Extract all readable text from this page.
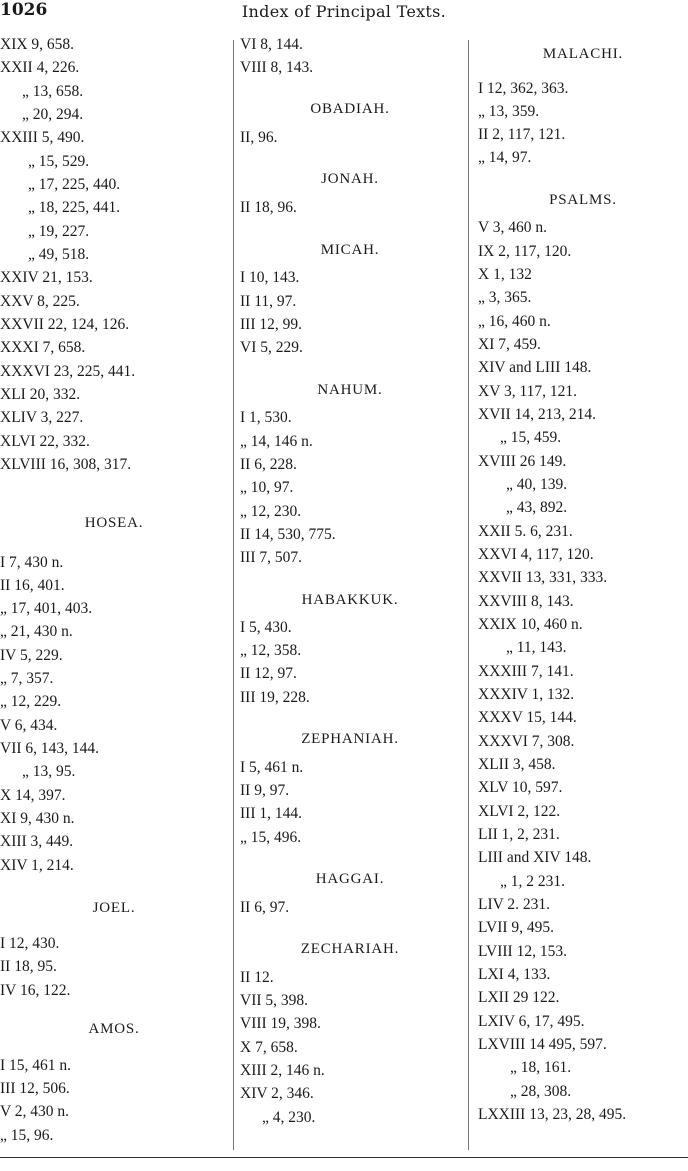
1026	Index of Principal Texts.
XIX 9, 658.
XXII 4, 226.
„ 13, 658.
„ 20, 294.
XXIII 5, 490.
„ 15, 529.
„ 17, 225, 440.
„ 18, 225, 441.
„ 19, 227.
„ 49, 518.
XXIV 21, 153.
XXV 8, 225.
XXVII 22, 124, 126.
XXXI 7, 658.
XXXVI 23, 225, 441.
XLI 20, 332.
XLIV 3, 227.
XLVI 22, 332.
XLVIII 16, 308, 317.
HOSEA.
I 7, 430 n.
II 16, 401.
„ 17, 401, 403.
„ 21, 430 n.
IV 5, 229.
„ 7, 357.
„ 12, 229.
V 6, 434.
VII 6, 143, 144.
„ 13, 95.
X 14, 397.
XI 9, 430 n.
XIII 3, 449.
XIV 1, 214.
JOEL.
I 12, 430.
II 18, 95.
IV 16, 122.
AMOS.
I 15, 461 n.
III 12, 506.
V 2, 430 n.
„ 15, 96.
VI 8, 144.
VIII 8, 143.
OBADIAH.
II, 96.
JONAH.
II 18, 96.
MICAH.
I 10, 143.
II 11, 97.
III 12, 99.
VI 5, 229.
NAHUM.
I 1, 530.
„ 14, 146 n.
II 6, 228.
„ 10, 97.
„ 12, 230.
II 14, 530, 775.
III 7, 507.
HABAKKUK.
I 5, 430.
„ 12, 358.
II 12, 97.
III 19, 228.
ZEPHANIAH.
I 5, 461 n.
II 9, 97.
III 1, 144.
„ 15, 496.
HAGGAI.
II 6, 97.
ZECHARIAH.
II 12.
VII 5, 398.
VIII 19, 398.
X 7, 658.
XIII 2, 146 n.
XIV 2, 346.
„ 4, 230.
MALACHI.
I 12, 362, 363.
„ 13, 359.
II 2, 117, 121.
„ 14, 97.
PSALMS.
V 3, 460 n.
IX 2, 117, 120.
X 1, 132
„ 3, 365.
„ 16, 460 n.
XI 7, 459.
XIV and LIII 148.
XV 3, 117, 121.
XVII 14, 213, 214.
„ 15, 459.
XVIII 26 149.
„ 40, 139.
„ 43, 892.
XXII 5. 6, 231.
XXVI 4, 117, 120.
XXVII 13, 331, 333.
XXVIII 8, 143.
XXIX 10, 460 n.
„ 11, 143.
XXXIII 7, 141.
XXXIV 1, 132.
XXXV 15, 144.
XXXVI 7, 308.
XLII 3, 458.
XLV 10, 597.
XLVI 2, 122.
LII 1, 2, 231.
LIII and XIV 148.
„ 1, 2 231.
LIV 2. 231.
LVII 9, 495.
LVIII 12, 153.
LXI 4, 133.
LXII 29 122.
LXIV 6, 17, 495.
LXVIII 14 495, 597.
„ 18, 161.
„ 28, 308.
LXXIII 13, 23, 28, 495.
